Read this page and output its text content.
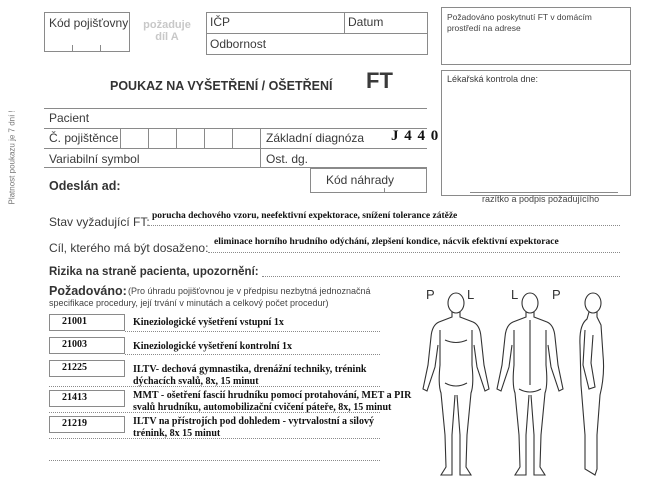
Platnost poukazu je 7 dní !
Kód pojišťovny	požaduje
díl A
IČP	Datum
Odbornost
Požadováno poskytnutí FT v domácím prostředí na adrese
POUKAZ NA VYŠETŘENÍ / OŠETŘENÍ FT	Lékařská kontrola dne:
Pacient
Č. pojištěnce	Základní diagnóza J 4 4 0
Variabilní symbol	Ost. dg.
Kód náhrady
Odeslán ad:
razítko a podpis požadujícího
Stav vyžadující FT: porucha dechového vzoru, neefektivní expektorace, snížení tolerance zátěže
Cíl, kterého má být dosaženo: eliminace horního hrudního odýchání, zlepšení kondice, nácvik efektivní expektorace
Rizika na straně pacienta, upozornění:
Požadováno: (Pro úhradu pojišťovnou je v předpisu nezbytná jednoznačná
specifikace procedury, její trvání v minutách a celkový počet procedur)
21001	Kineziologické vyšetření vstupní 1x
21003	Kineziologické vyšetření kontrolní 1x
21225	ILTV- dechová gymnastika, drenážní techniky, trénink
dýchacích svalů, 8x, 15 minut
21413	MMT - ošetření fascií hrudníku pomocí protahování, MET a PIR
svalů hrudníku, automobilizační cvičení páteře, 8x, 15 minut
21219	ILTV na přístrojích pod dohledem - vytrvalostní a silový
trénink, 8x 15 minut
P L	L	P
